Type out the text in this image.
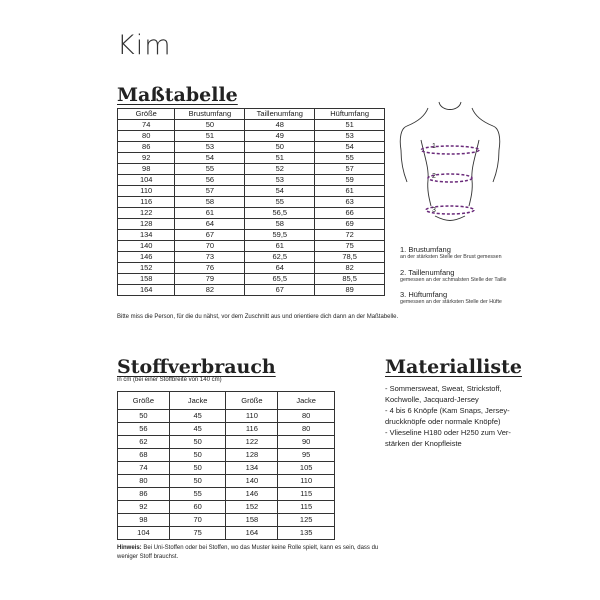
Kim
Maßtabelle
Größe	Brustumfang	Taillenumfang	Hüftumfang
74	50	48	51
80	51	49	53
86	53	50	54
92	54	51	55
98	55	52	57
104	56	53	59
110	57	54	61
116	58	55	63
122	61	56,5	66
128	64	58	69
134	67	59,5	72
140	70	61	75
146	73	62,5	78,5
152	76	64	82
158	79	65,5	85,5
164	82	67	89
Bitte miss die Person, für die du nähst, vor dem Zuschnitt aus und orientiere dich dann an der Maßtabelle.
1
2
3
1. Brustumfang
an der stärksten Stelle der Brust gemessen
2. Taillenumfang
gemessen an der schmalsten Stelle der Taille
3. Hüftumfang
gemessen an der stärksten Stelle der Hüfte
Stoffverbrauch
in cm (bei einer Stoffbreite von 140 cm)
Größe	Jacke	Größe	Jacke
50	45	110	80
56	45	116	80
62	50	122	90
68	50	128	95
74	50	134	105
80	50	140	110
86	55	146	115
92	60	152	115
98	70	158	125
104	75	164	135
Hinweis: Bei Uni-Stoffen oder bei Stoffen, wo das Muster keine Rolle spielt, kann es sein, dass du weniger Stoff brauchst.
Materialliste
- Sommersweat, Sweat, Strickstoff,
Kochwolle, Jacquard-Jersey
- 4 bis 6 Knöpfe (Kam Snaps, Jersey-
druckknöpfe oder normale Knöpfe)
- Vlieseline H180 oder H250 zum Ver-
stärken der Knopfleiste
